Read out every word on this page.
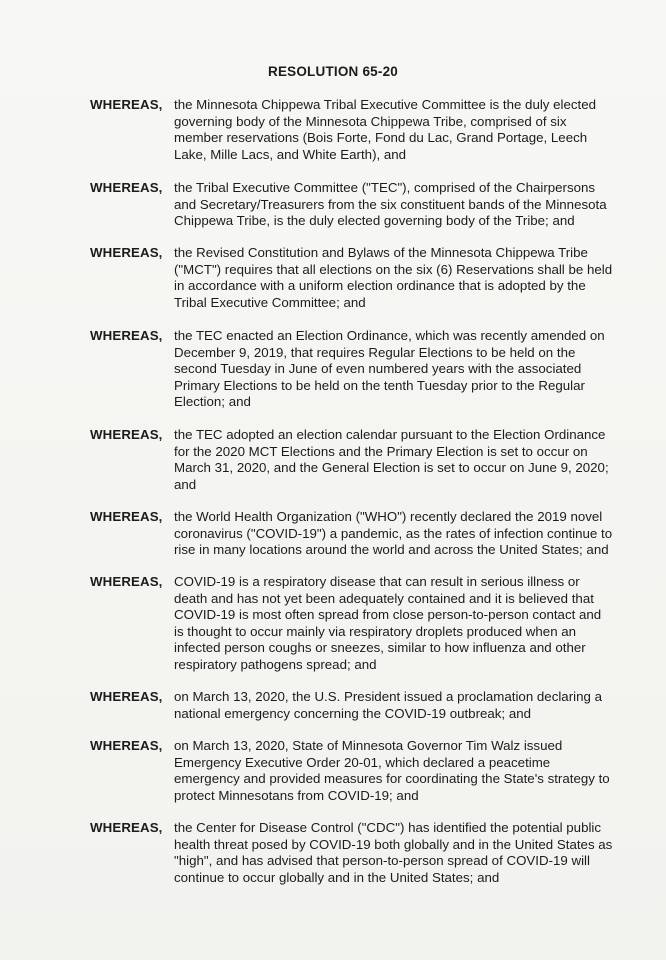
RESOLUTION 65-20
WHEREAS, the Minnesota Chippewa Tribal Executive Committee is the duly elected
governing body of the Minnesota Chippewa Tribe, comprised of six
member reservations (Bois Forte, Fond du Lac, Grand Portage, Leech
Lake, Mille Lacs, and White Earth), and
WHEREAS, the Tribal Executive Committee ("TEC"), comprised of the Chairpersons
and Secretary/Treasurers from the six constituent bands of the Minnesota
Chippewa Tribe, is the duly elected governing body of the Tribe; and
WHEREAS, the Revised Constitution and Bylaws of the Minnesota Chippewa Tribe
("MCT") requires that all elections on the six (6) Reservations shall be held
in accordance with a uniform election ordinance that is adopted by the
Tribal Executive Committee; and
WHEREAS, the TEC enacted an Election Ordinance, which was recently amended on
December 9, 2019, that requires Regular Elections to be held on the
second Tuesday in June of even numbered years with the associated
Primary Elections to be held on the tenth Tuesday prior to the Regular
Election; and
WHEREAS, the TEC adopted an election calendar pursuant to the Election Ordinance
for the 2020 MCT Elections and the Primary Election is set to occur on
March 31, 2020, and the General Election is set to occur on June 9, 2020;
and
WHEREAS, the World Health Organization ("WHO") recently declared the 2019 novel
coronavirus ("COVID-19") a pandemic, as the rates of infection continue to
rise in many locations around the world and across the United States; and
WHEREAS, COVID-19 is a respiratory disease that can result in serious illness or
death and has not yet been adequately contained and it is believed that
COVID-19 is most often spread from close person-to-person contact and
is thought to occur mainly via respiratory droplets produced when an
infected person coughs or sneezes, similar to how influenza and other
respiratory pathogens spread; and
WHEREAS, on March 13, 2020, the U.S. President issued a proclamation declaring a
national emergency concerning the COVID-19 outbreak; and
WHEREAS, on March 13, 2020, State of Minnesota Governor Tim Walz issued
Emergency Executive Order 20-01, which declared a peacetime
emergency and provided measures for coordinating the State's strategy to
protect Minnesotans from COVID-19; and
WHEREAS, the Center for Disease Control ("CDC") has identified the potential public
health threat posed by COVID-19 both globally and in the United States as
"high", and has advised that person-to-person spread of COVID-19 will
continue to occur globally and in the United States; and
